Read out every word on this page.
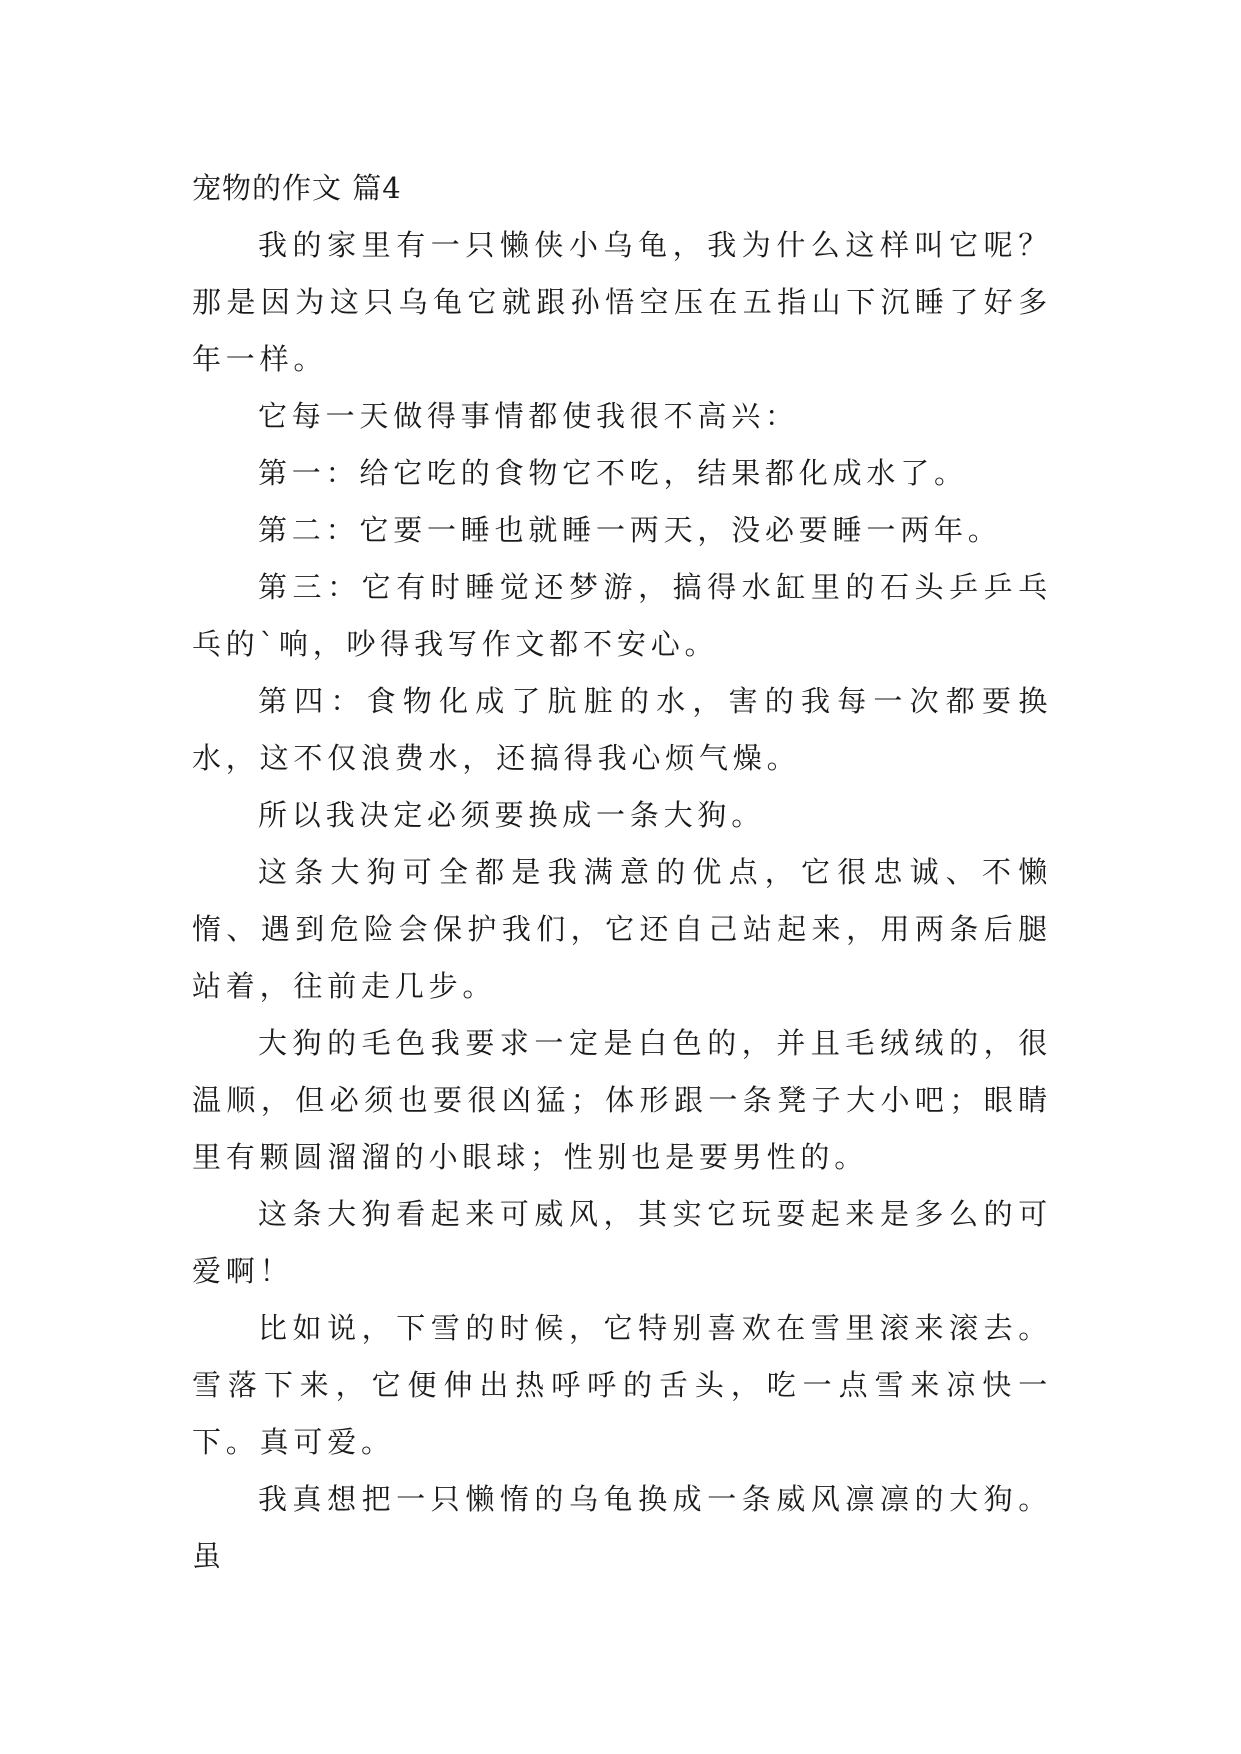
宠物的作文 篇4

我的家里有一只懒侠小乌龟，我为什么这样叫它呢？那是因为这只乌龟它就跟孙悟空压在五指山下沉睡了好多年一样。

它每一天做得事情都使我很不高兴：

第一：给它吃的食物它不吃，结果都化成水了。

第二：它要一睡也就睡一两天，没必要睡一两年。

第三：它有时睡觉还梦游，搞得水缸里的石头乒乒乓乓的`响，吵得我写作文都不安心。

第四：食物化成了肮脏的水，害的我每一次都要换水，这不仅浪费水，还搞得我心烦气燥。

所以我决定必须要换成一条大狗。

这条大狗可全都是我满意的优点，它很忠诚、不懒惰、遇到危险会保护我们，它还自己站起来，用两条后腿站着，往前走几步。

大狗的毛色我要求一定是白色的，并且毛绒绒的，很温顺，但必须也要很凶猛；体形跟一条凳子大小吧；眼睛里有颗圆溜溜的小眼球；性别也是要男性的。

这条大狗看起来可威风，其实它玩耍起来是多么的可爱啊！

比如说，下雪的时候，它特别喜欢在雪里滚来滚去。雪落下来，它便伸出热呼呼的舌头，吃一点雪来凉快一下。真可爱。

我真想把一只懒惰的乌龟换成一条威风凛凛的大狗。虽
